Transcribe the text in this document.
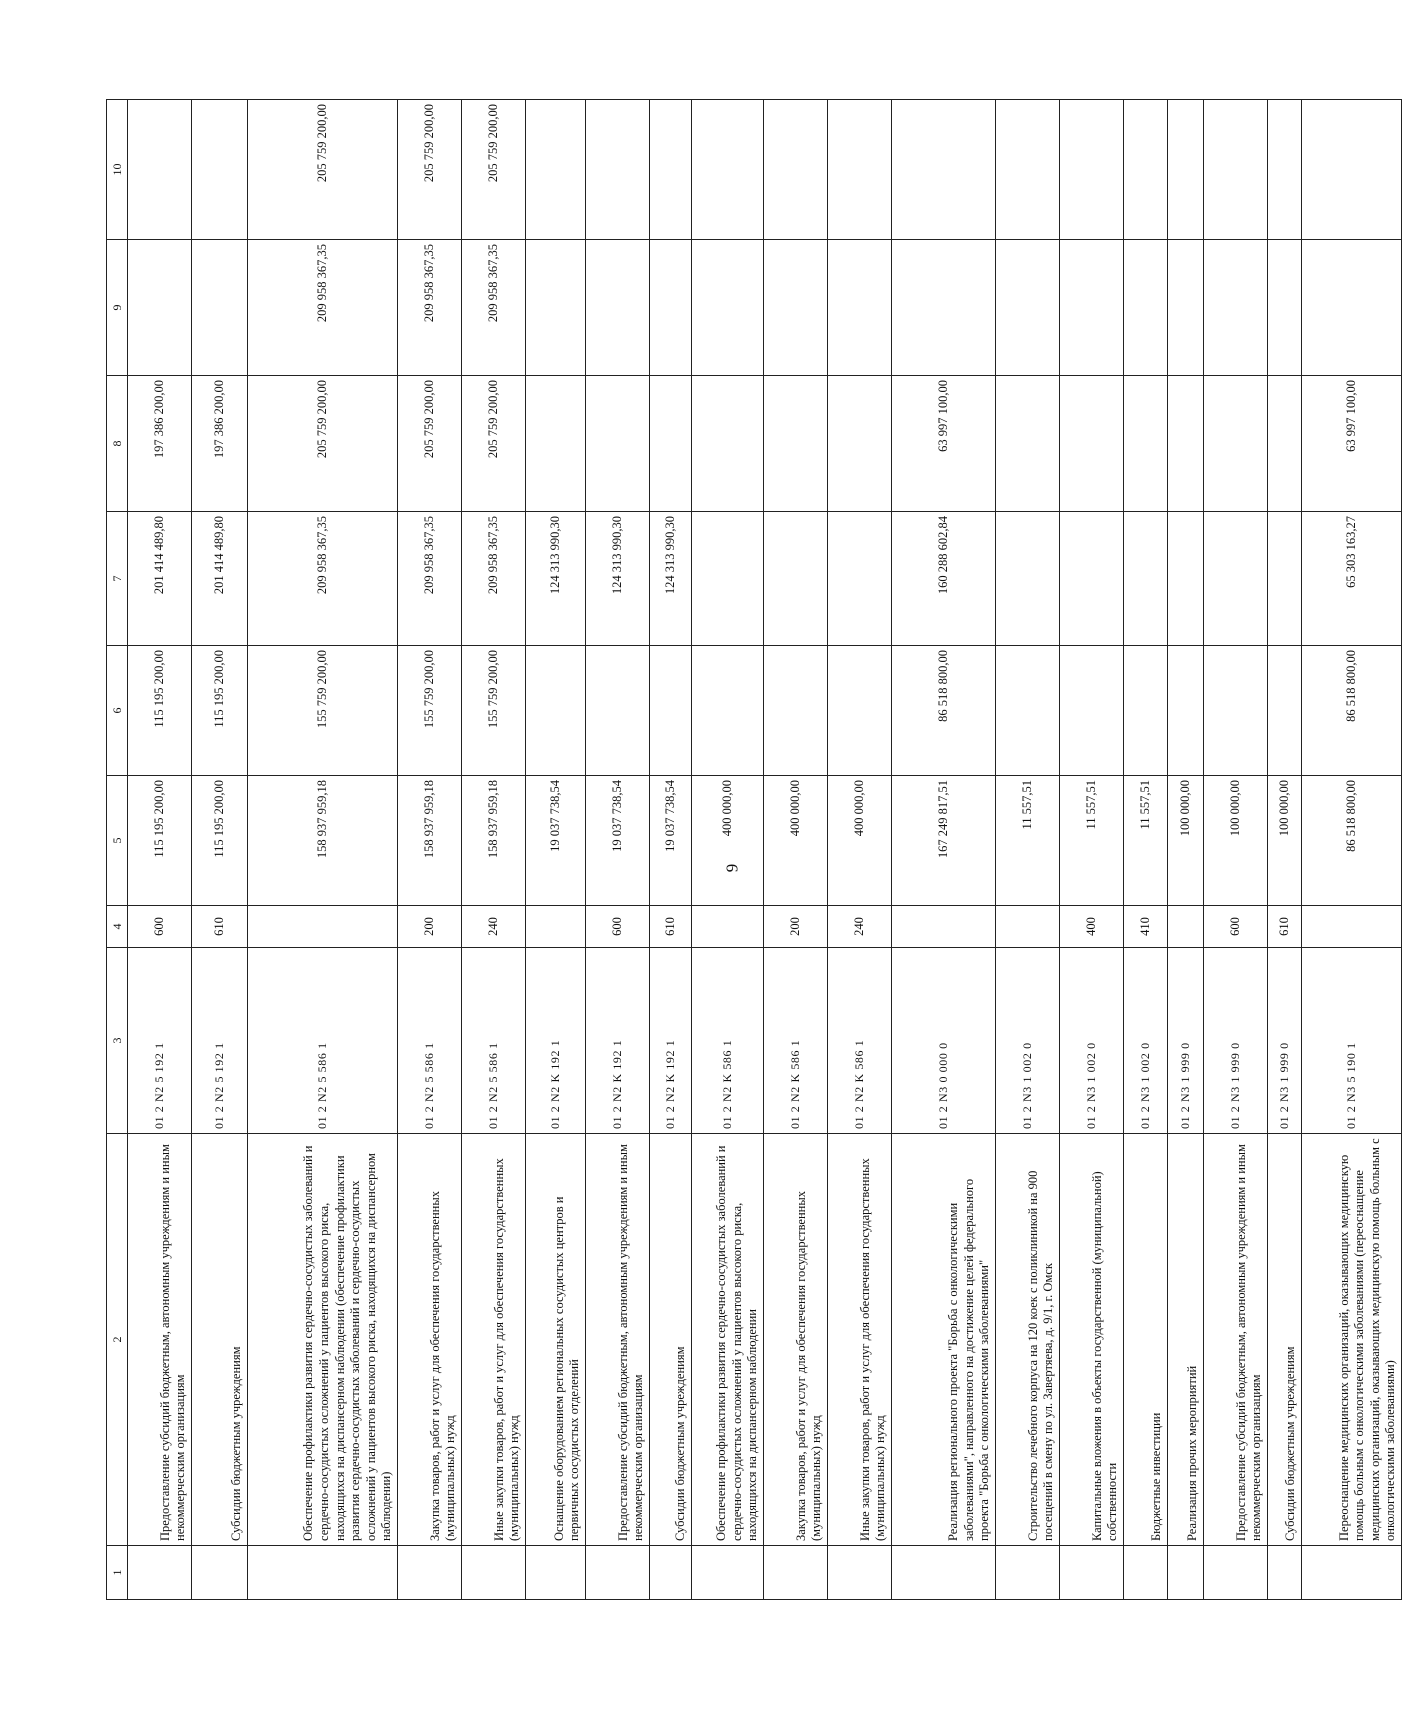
9
1	2	3	4	5	6	7	8	9	10
	Предоставление субсидий бюджетным, автономным учреждениям и иным некоммерческим организациям	01 2 N2 5 192 1	600	115 195 200,00	115 195 200,00	201 414 489,80	197 386 200,00		
	Субсидии бюджетным учреждениям	01 2 N2 5 192 1	610	115 195 200,00	115 195 200,00	201 414 489,80	197 386 200,00		
	Обеспечение профилактики развития сердечно-сосудистых заболеваний и сердечно-сосудистых осложнений у пациентов высокого риска, находящихся на диспансерном наблюдении (обеспечение профилактики развития сердечно-сосудистых заболеваний и сердечно-сосудистых осложнений у пациентов высокого риска, находящихся на диспансерном наблюдении)	01 2 N2 5 586 1		158 937 959,18	155 759 200,00	209 958 367,35	205 759 200,00	209 958 367,35	205 759 200,00
	Закупка товаров, работ и услуг для обеспечения государственных (муниципальных) нужд	01 2 N2 5 586 1	200	158 937 959,18	155 759 200,00	209 958 367,35	205 759 200,00	209 958 367,35	205 759 200,00
	Иные закупки товаров, работ и услуг для обеспечения государственных (муниципальных) нужд	01 2 N2 5 586 1	240	158 937 959,18	155 759 200,00	209 958 367,35	205 759 200,00	209 958 367,35	205 759 200,00
	Оснащение оборудованием региональных сосудистых центров и первичных сосудистых отделений	01 2 N2 K 192 1		19 037 738,54		124 313 990,30			
	Предоставление субсидий бюджетным, автономным учреждениям и иным некоммерческим организациям	01 2 N2 K 192 1	600	19 037 738,54		124 313 990,30			
	Субсидии бюджетным учреждениям	01 2 N2 K 192 1	610	19 037 738,54		124 313 990,30			
	Обеспечение профилактики развития сердечно-сосудистых заболеваний и сердечно-сосудистых осложнений у пациентов высокого риска, находящихся на диспансерном наблюдении	01 2 N2 K 586 1		400 000,00					
	Закупка товаров, работ и услуг для обеспечения государственных (муниципальных) нужд	01 2 N2 K 586 1	200	400 000,00					
	Иные закупки товаров, работ и услуг для обеспечения государственных (муниципальных) нужд	01 2 N2 K 586 1	240	400 000,00					
	Реализация регионального проекта "Борьба с онкологическими заболеваниями", направленного на достижение целей федерального проекта "Борьба с онкологическими заболеваниями"	01 2 N3 0 000 0		167 249 817,51	86 518 800,00	160 288 602,84	63 997 100,00		
	Строительство лечебного корпуса на 120 коек с поликлиникой на 900 посещений в смену по ул. Завертяева, д. 9/1, г. Омск	01 2 N3 1 002 0		11 557,51					
	Капитальные вложения в объекты государственной (муниципальной) собственности	01 2 N3 1 002 0	400	11 557,51					
	Бюджетные инвестиции	01 2 N3 1 002 0	410	11 557,51					
	Реализация прочих мероприятий	01 2 N3 1 999 0		100 000,00					
	Предоставление субсидий бюджетным, автономным учреждениям и иным некоммерческим организациям	01 2 N3 1 999 0	600	100 000,00					
	Субсидии бюджетным учреждениям	01 2 N3 1 999 0	610	100 000,00					
	Переоснащение медицинских организаций, оказывающих медицинскую помощь больным с онкологическими заболеваниями (переоснащение медицинских организаций, оказывающих медицинскую помощь больным с онкологическими заболеваниями)	01 2 N3 5 190 1		86 518 800,00	86 518 800,00	65 303 163,27	63 997 100,00		
